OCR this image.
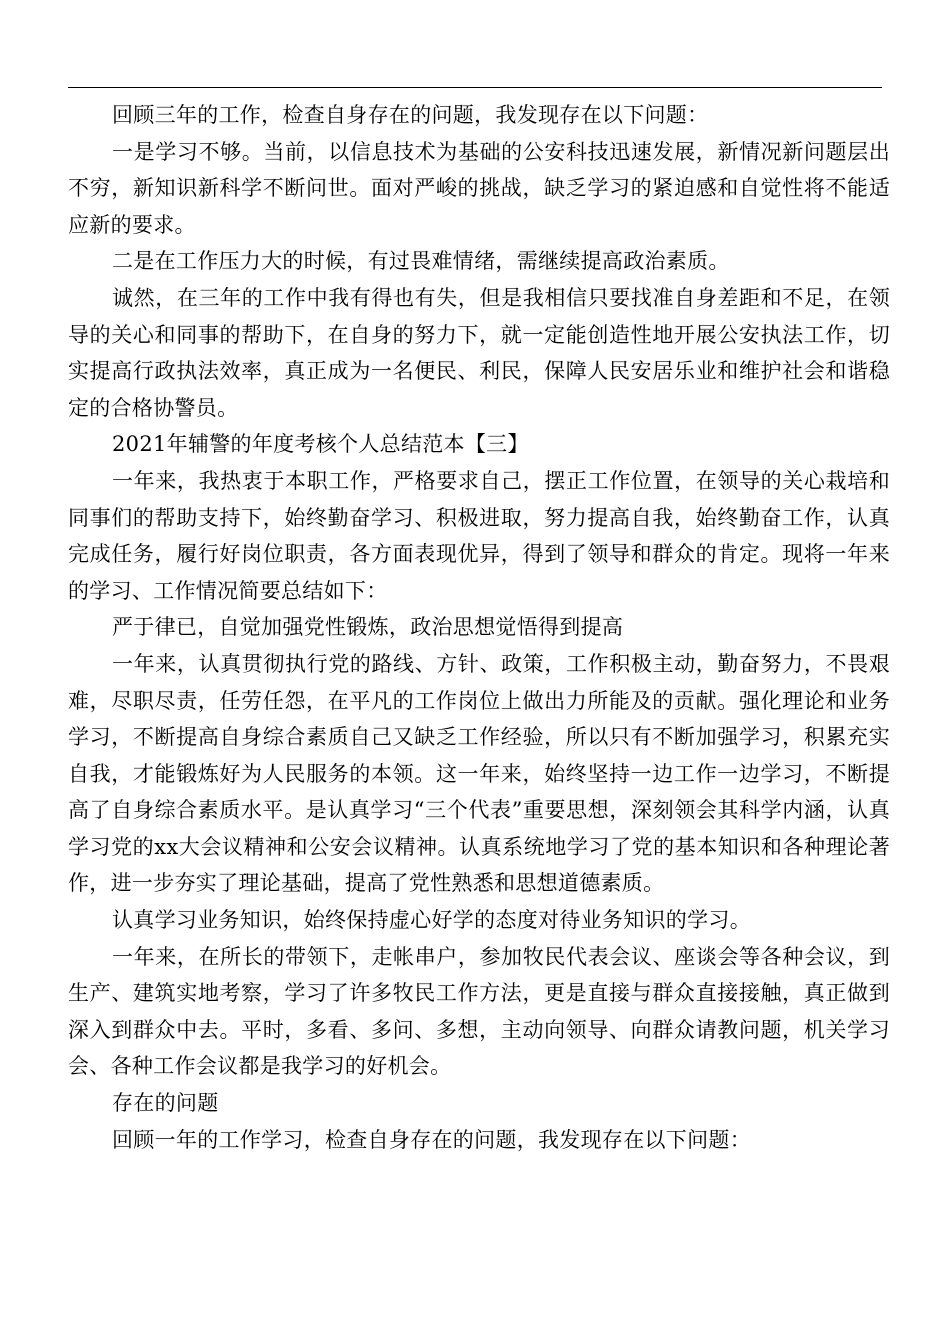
回顾三年的工作，检查自身存在的问题，我发现存在以下问题：

一是学习不够。当前，以信息技术为基础的公安科技迅速发展，新情况新问题层出不穷，新知识新科学不断问世。面对严峻的挑战，缺乏学习的紧迫感和自觉性将不能适应新的要求。

二是在工作压力大的时候，有过畏难情绪，需继续提高政治素质。

诚然，在三年的工作中我有得也有失，但是我相信只要找准自身差距和不足，在领导的关心和同事的帮助下，在自身的努力下，就一定能创造性地开展公安执法工作，切实提高行政执法效率，真正成为一名便民、利民，保障人民安居乐业和维护社会和谐稳定的合格协警员。

2021年辅警的年度考核个人总结范本【三】

一年来，我热衷于本职工作，严格要求自己，摆正工作位置，在领导的关心栽培和同事们的帮助支持下，始终勤奋学习、积极进取，努力提高自我，始终勤奋工作，认真完成任务，履行好岗位职责，各方面表现优异，得到了领导和群众的肯定。现将一年来的学习、工作情况简要总结如下：

严于律已，自觉加强党性锻炼，政治思想觉悟得到提高

一年来，认真贯彻执行党的路线、方针、政策，工作积极主动，勤奋努力，不畏艰难，尽职尽责，任劳任怨，在平凡的工作岗位上做出力所能及的贡献。强化理论和业务学习，不断提高自身综合素质自己又缺乏工作经验，所以只有不断加强学习，积累充实自我，才能锻炼好为人民服务的本领。这一年来，始终坚持一边工作一边学习，不断提高了自身综合素质水平。是认真学习“三个代表”重要思想，深刻领会其科学内涵，认真学习党的xx大会议精神和公安会议精神。认真系统地学习了党的基本知识和各种理论著作，进一步夯实了理论基础，提高了党性熟悉和思想道德素质。

认真学习业务知识，始终保持虚心好学的态度对待业务知识的学习。

一年来，在所长的带领下，走帐串户，参加牧民代表会议、座谈会等各种会议，到生产、建筑实地考察，学习了许多牧民工作方法，更是直接与群众直接接触，真正做到深入到群众中去。平时，多看、多问、多想，主动向领导、向群众请教问题，机关学习会、各种工作会议都是我学习的好机会。

存在的问题

回顾一年的工作学习，检查自身存在的问题，我发现存在以下问题：
